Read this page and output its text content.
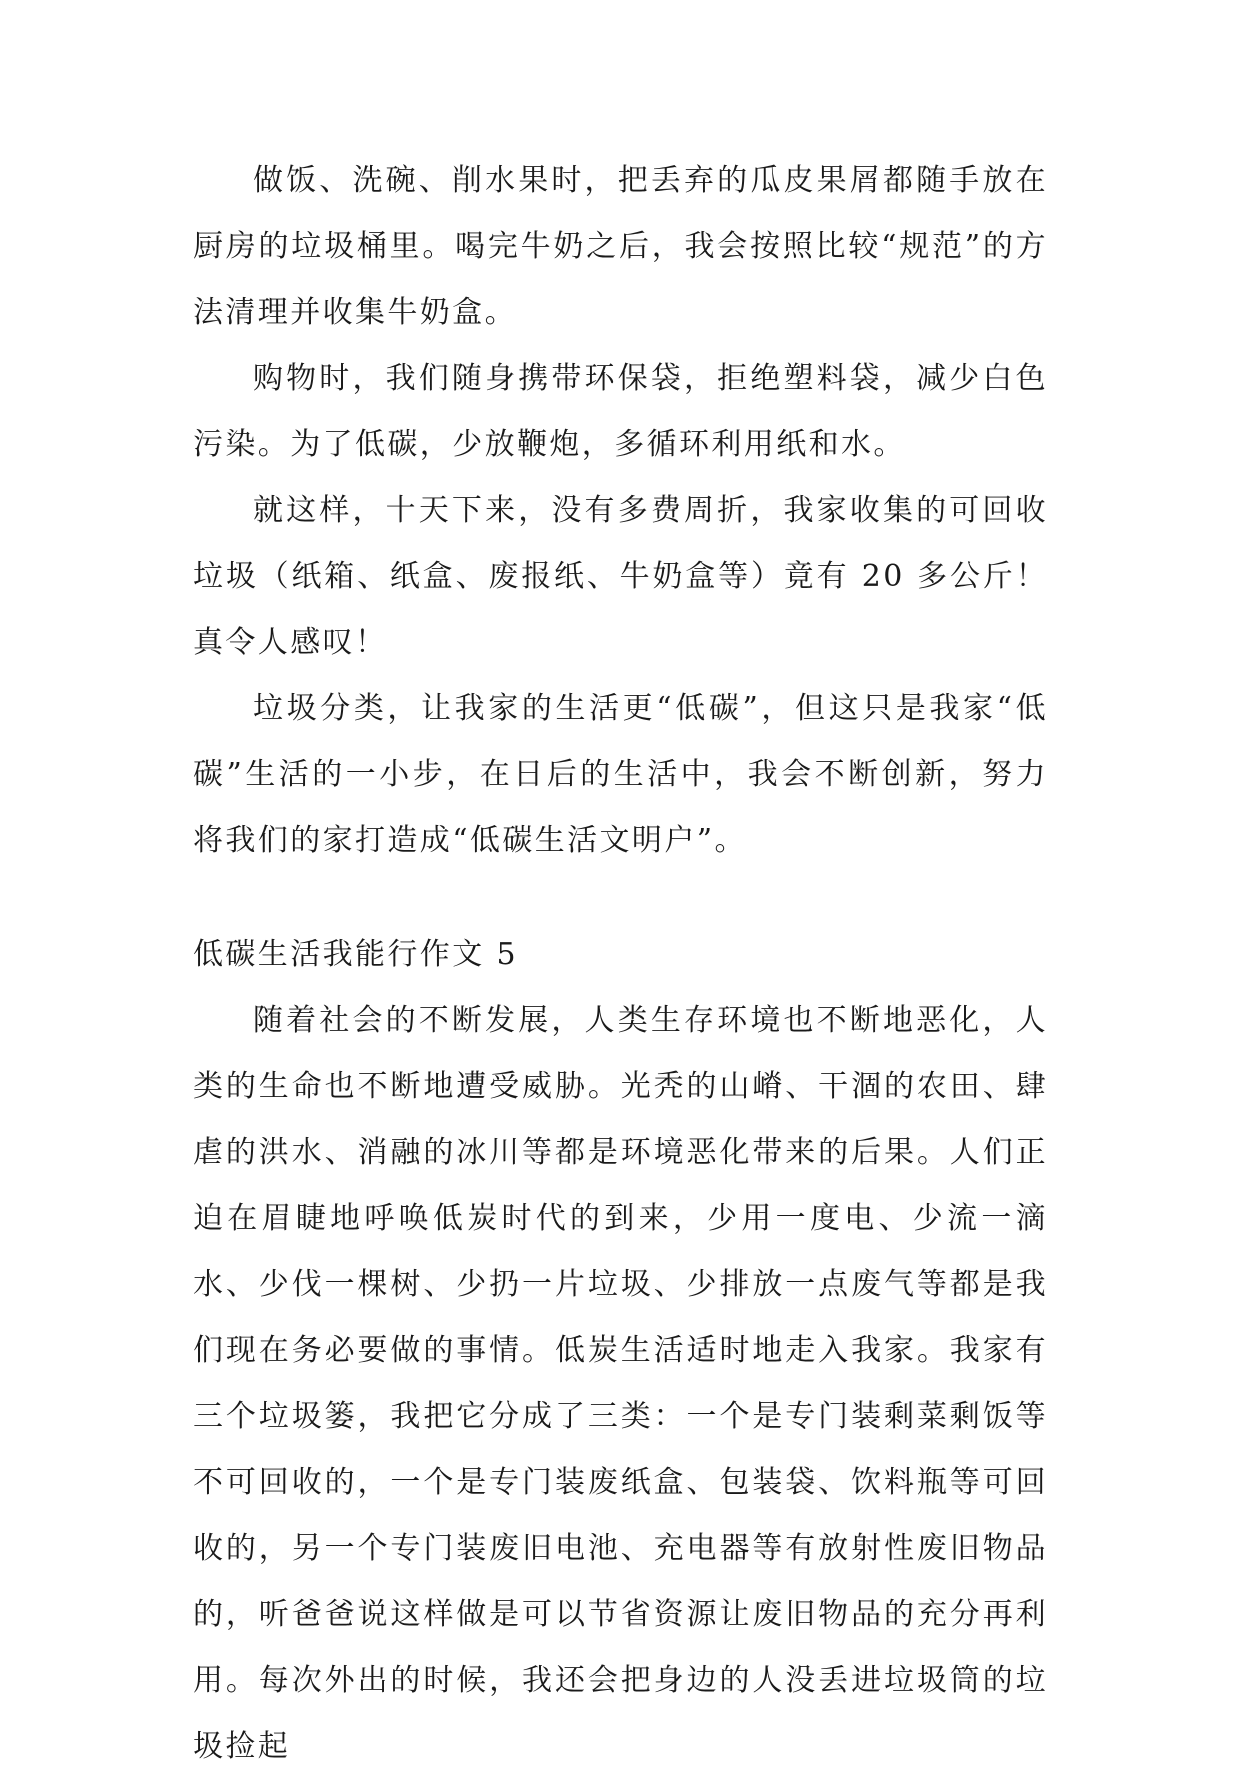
做饭、洗碗、削水果时，把丢弃的瓜皮果屑都随手放在厨房的垃圾桶里。喝完牛奶之后，我会按照比较“规范”的方法清理并收集牛奶盒。

购物时，我们随身携带环保袋，拒绝塑料袋，减少白色污染。为了低碳，少放鞭炮，多循环利用纸和水。

就这样，十天下来，没有多费周折，我家收集的可回收垃圾（纸箱、纸盒、废报纸、牛奶盒等）竟有 20 多公斤！真令人感叹！

垃圾分类，让我家的生活更“低碳”，但这只是我家“低碳”生活的一小步，在日后的生活中，我会不断创新，努力将我们的家打造成“低碳生活文明户”。

低碳生活我能行作文 5

随着社会的不断发展，人类生存环境也不断地恶化，人类的生命也不断地遭受威胁。光秃的山嵴、干涸的农田、肆虐的洪水、消融的冰川等都是环境恶化带来的后果。人们正迫在眉睫地呼唤低炭时代的到来，少用一度电、少流一滴水、少伐一棵树、少扔一片垃圾、少排放一点废气等都是我们现在务必要做的事情。低炭生活适时地走入我家。我家有三个垃圾篓，我把它分成了三类：一个是专门装剩菜剩饭等不可回收的，一个是专门装废纸盒、包装袋、饮料瓶等可回收的，另一个专门装废旧电池、充电器等有放射性废旧物品的，听爸爸说这样做是可以节省资源让废旧物品的充分再利用。每次外出的时候，我还会把身边的人没丢进垃圾筒的垃圾捡起
